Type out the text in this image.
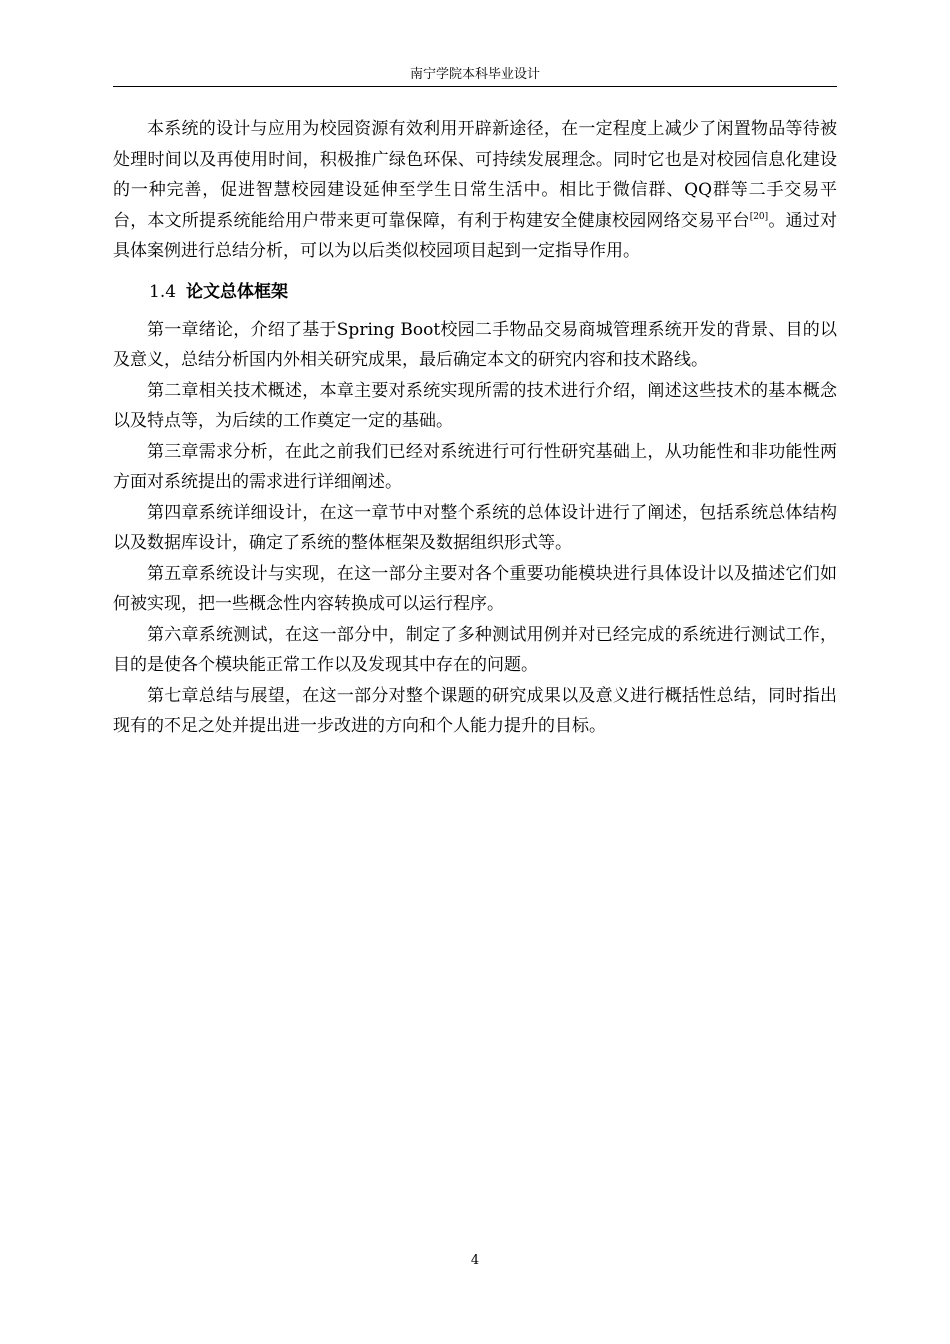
南宁学院本科毕业设计

本系统的设计与应用为校园资源有效利用开辟新途径，在一定程度上减少了闲置物品等待被处理时间以及再使用时间，积极推广绿色环保、可持续发展理念。同时它也是对校园信息化建设的一种完善，促进智慧校园建设延伸至学生日常生活中。相比于微信群、QQ群等二手交易平台，本文所提系统能给用户带来更可靠保障，有利于构建安全健康校园网络交易平台[20]。通过对具体案例进行总结分析，可以为以后类似校园项目起到一定指导作用。

1.4 论文总体框架

第一章绪论，介绍了基于Spring Boot校园二手物品交易商城管理系统开发的背景、目的以及意义，总结分析国内外相关研究成果，最后确定本文的研究内容和技术路线。

第二章相关技术概述，本章主要对系统实现所需的技术进行介绍，阐述这些技术的基本概念以及特点等，为后续的工作奠定一定的基础。

第三章需求分析，在此之前我们已经对系统进行可行性研究基础上，从功能性和非功能性两方面对系统提出的需求进行详细阐述。

第四章系统详细设计，在这一章节中对整个系统的总体设计进行了阐述，包括系统总体结构以及数据库设计，确定了系统的整体框架及数据组织形式等。

第五章系统设计与实现，在这一部分主要对各个重要功能模块进行具体设计以及描述它们如何被实现，把一些概念性内容转换成可以运行程序。

第六章系统测试，在这一部分中，制定了多种测试用例并对已经完成的系统进行测试工作，目的是使各个模块能正常工作以及发现其中存在的问题。

第七章总结与展望，在这一部分对整个课题的研究成果以及意义进行概括性总结，同时指出现有的不足之处并提出进一步改进的方向和个人能力提升的目标。

4
